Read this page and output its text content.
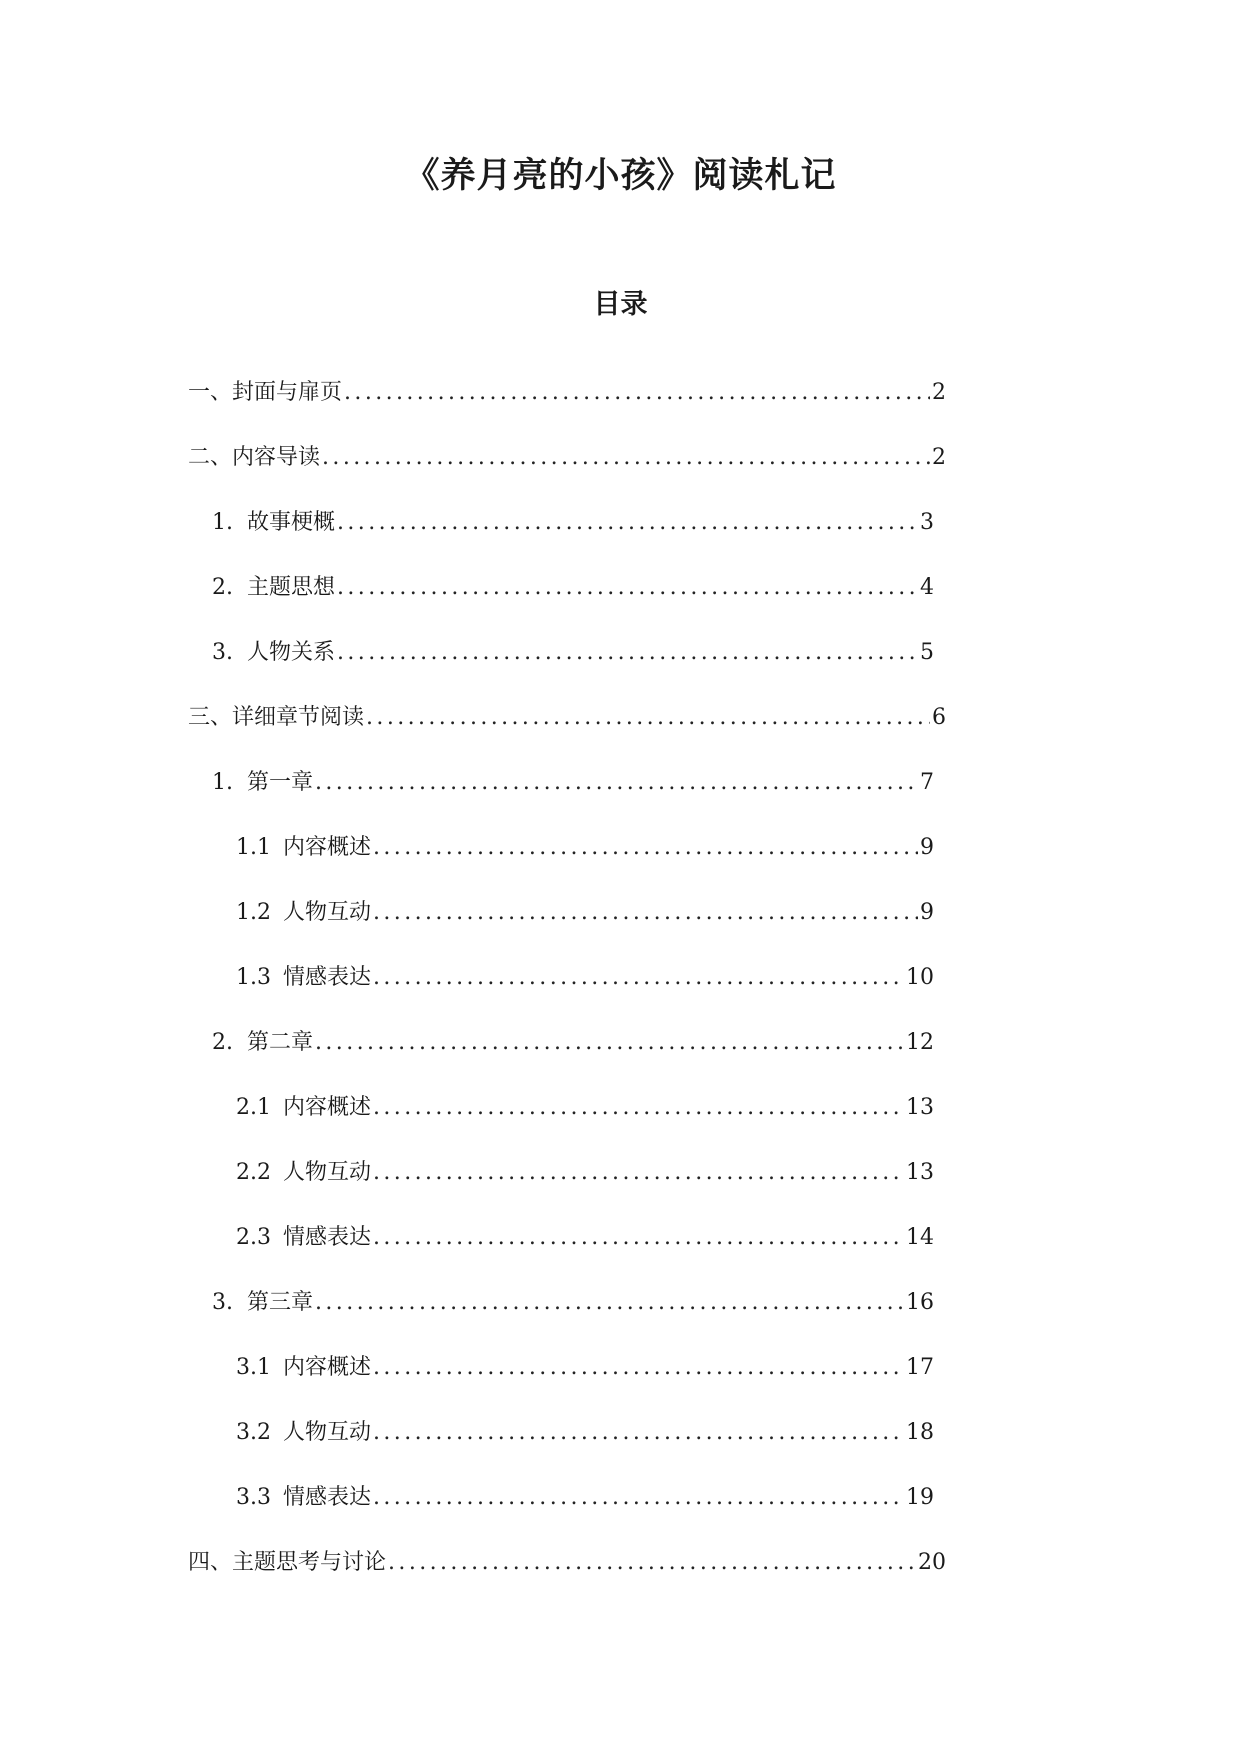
《养月亮的小孩》阅读札记
目录
一、封面与扉页 .....	2
二、内容导读 .....	2
1. 故事梗概 .....	3
2. 主题思想 .....	4
3. 人物关系 .....	5
三、详细章节阅读 .....	6
1. 第一章 .....	7
1.1 内容概述 .....	9
1.2 人物互动 .....	9
1.3 情感表达 .....	10
2. 第二章 .....	12
2.1 内容概述 .....	13
2.2 人物互动 .....	13
2.3 情感表达 .....	14
3. 第三章 .....	16
3.1 内容概述 .....	17
3.2 人物互动 .....	18
3.3 情感表达 .....	19
四、主题思考与讨论 .....	20
